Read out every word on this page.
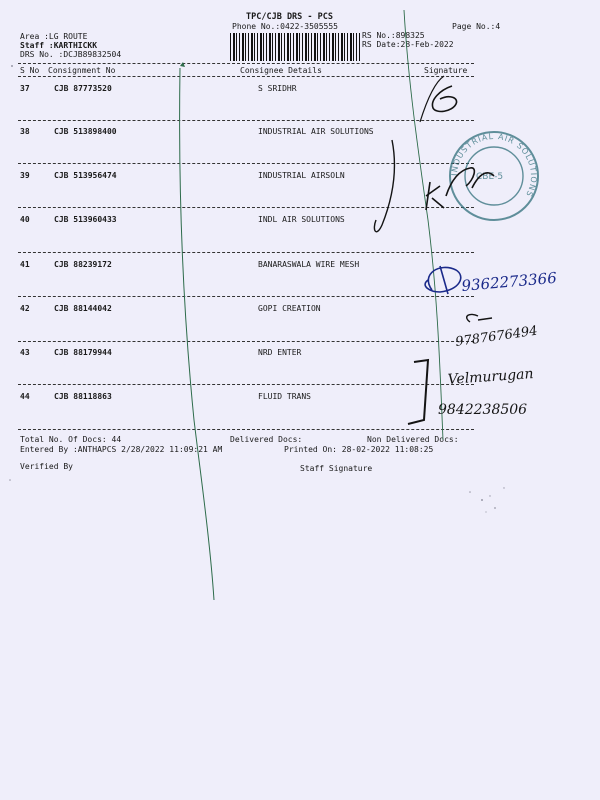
TPC/CJB DRS - PCS
Phone No.:0422-3505555	Page No.:4
Area :LG ROUTE
Staff :KARTHICKK
DRS No. :DCJB89832504
RS No.:898325
RS Date:28-Feb-2022
S No Consignment No	Consignee Details	Signature
37	CJB 87773520	S SRIDHR
38	CJB 513898400	INDUSTRIAL AIR SOLUTIONS
39	CJB 513956474	INDUSTRIAL AIRSOLN
40	CJB 513960433	INDL AIR SOLUTIONS
41	CJB 88239172	BANARASWALA WIRE MESH
42	CJB 88144042	GOPI CREATION
43	CJB 88179944	NRD ENTER
44	CJB 88118863	FLUID TRANS
Total No. Of Docs: 44	Delivered Docs:	Non Delivered Docs:
Entered By :ANTHAPCS 2/28/2022 11:09:21 AM	Printed On: 28-02-2022 11:08:25
Verified By	Staff Signature
INDUSTRIAL AIR SOLUTIONS
CBE-5
9362273366
9787676494
Velmurugan
9842238506
